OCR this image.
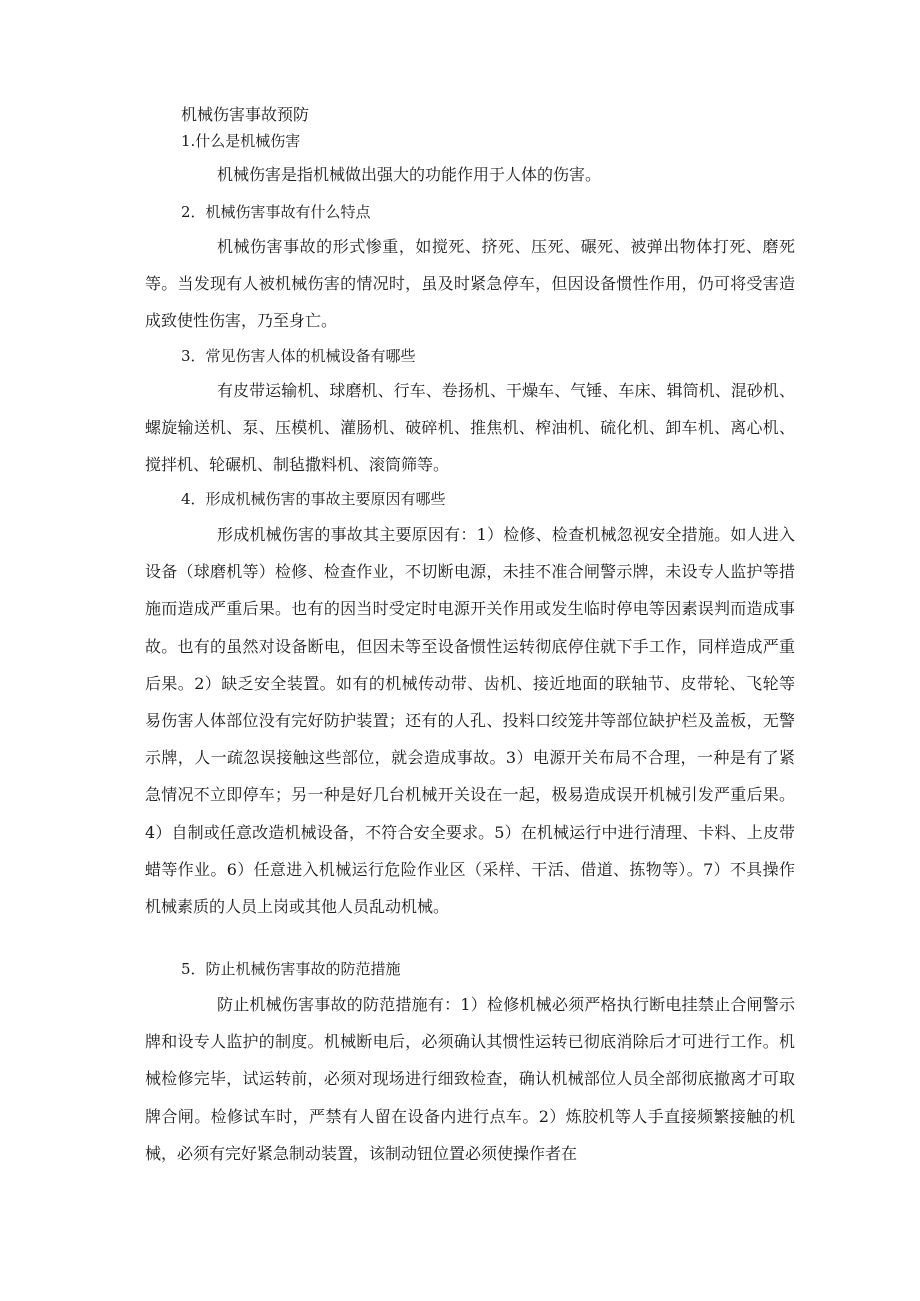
机械伤害事故预防
1.什么是机械伤害

机械伤害是指机械做出强大的功能作用于人体的伤害。

2．机械伤害事故有什么特点

机械伤害事故的形式惨重，如搅死、挤死、压死、碾死、被弹出物体打死、磨死等。当发现有人被机械伤害的情况时，虽及时紧急停车，但因设备惯性作用，仍可将受害造成致使性伤害，乃至身亡。

3．常见伤害人体的机械设备有哪些

有皮带运输机、球磨机、行车、卷扬机、干燥车、气锤、车床、辑筒机、混砂机、螺旋输送机、泵、压模机、灌肠机、破碎机、推焦机、榨油机、硫化机、卸车机、离心机、搅拌机、轮碾机、制毡撒料机、滚筒筛等。

4．形成机械伤害的事故主要原因有哪些

形成机械伤害的事故其主要原因有：1）检修、检查机械忽视安全措施。如人进入设备（球磨机等）检修、检查作业，不切断电源，未挂不准合闸警示牌，未设专人监护等措施而造成严重后果。也有的因当时受定时电源开关作用或发生临时停电等因素误判而造成事故。也有的虽然对设备断电，但因未等至设备惯性运转彻底停住就下手工作，同样造成严重后果。2）缺乏安全装置。如有的机械传动带、齿机、接近地面的联轴节、皮带轮、飞轮等易伤害人体部位没有完好防护装置；还有的人孔、投料口绞笼井等部位缺护栏及盖板，无警示牌，人一疏忽误接触这些部位，就会造成事故。3）电源开关布局不合理，一种是有了紧急情况不立即停车；另一种是好几台机械开关设在一起，极易造成误开机械引发严重后果。4）自制或任意改造机械设备，不符合安全要求。5）在机械运行中进行清理、卡料、上皮带蜡等作业。6）任意进入机械运行危险作业区（采样、干活、借道、拣物等）。7）不具操作机械素质的人员上岗或其他人员乱动机械。

5．防止机械伤害事故的防范措施

防止机械伤害事故的防范措施有：1）检修机械必须严格执行断电挂禁止合闸警示牌和设专人监护的制度。机械断电后，必须确认其惯性运转已彻底消除后才可进行工作。机械检修完毕，试运转前，必须对现场进行细致检查，确认机械部位人员全部彻底撤离才可取牌合闸。检修试车时，严禁有人留在设备内进行点车。2）炼胶机等人手直接频繁接触的机械，必须有完好紧急制动装置，该制动钮位置必须使操作者在
